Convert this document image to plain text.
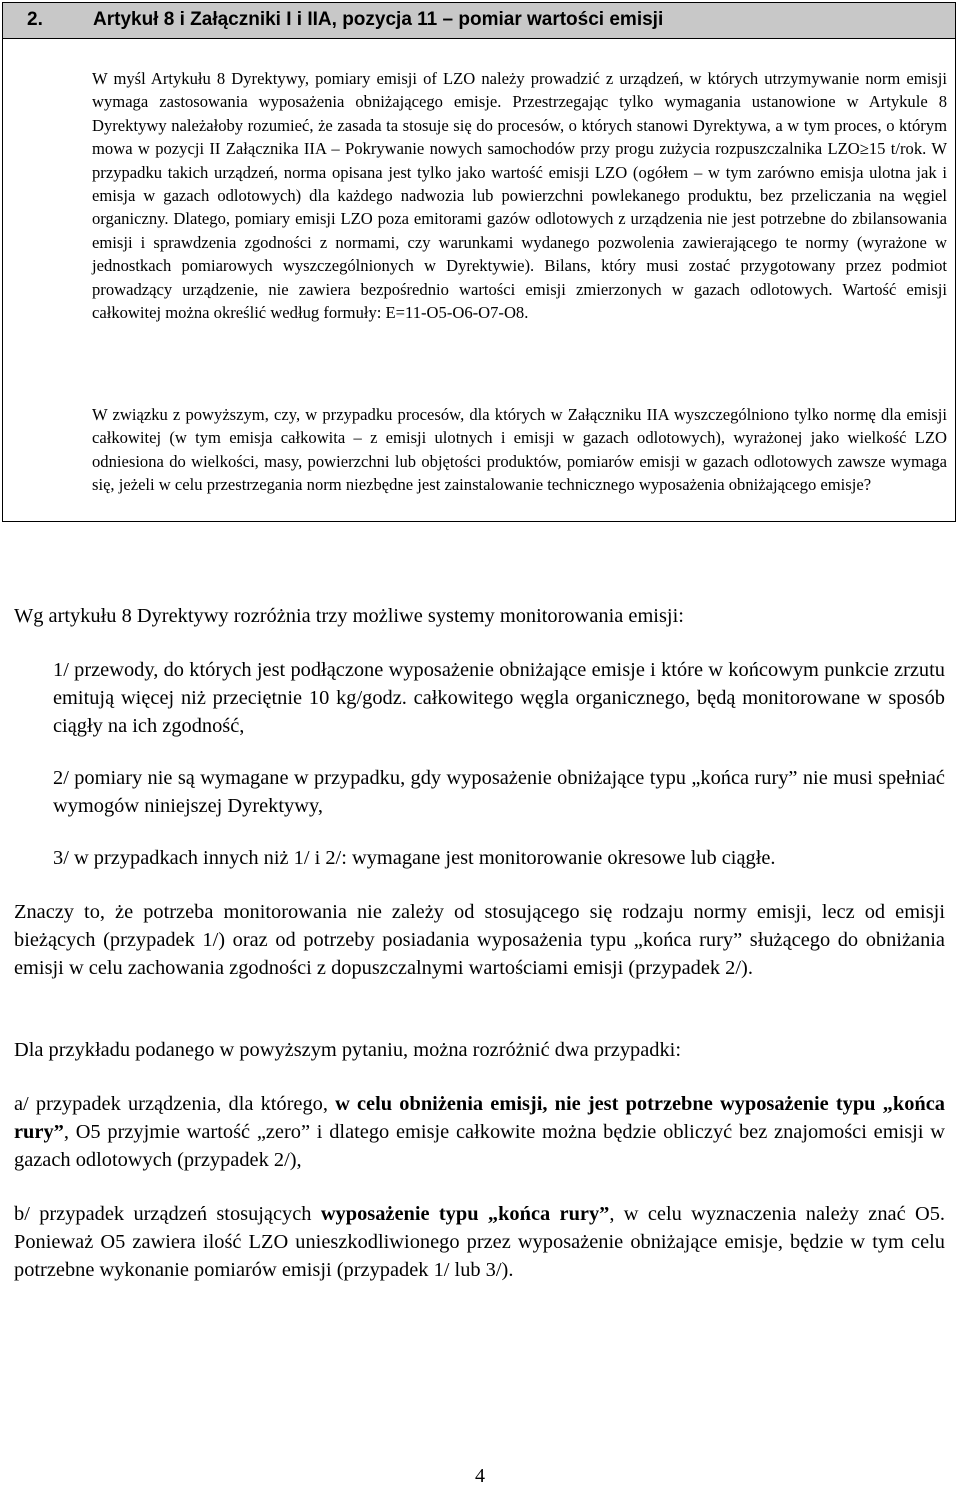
2.	Artykuł 8 i Załączniki I i IIA, pozycja 11 – pomiar wartości emisji

W myśl Artykułu 8 Dyrektywy, pomiary emisji of LZO należy prowadzić z urządzeń, w których utrzymywanie norm emisji wymaga zastosowania wyposażenia obniżającego emisje. Przestrzegając tylko wymagania ustanowione w Artykule 8 Dyrektywy należałoby rozumieć, że zasada ta stosuje się do procesów, o których stanowi Dyrektywa, a w tym proces, o którym mowa w pozycji II Załącznika IIA – Pokrywanie nowych samochodów przy progu zużycia rozpuszczalnika LZO≥15 t/rok. W przypadku takich urządzeń, norma opisana jest tylko jako wartość emisji LZO (ogółem – w tym zarówno emisja ulotna jak i emisja w gazach odlotowych) dla każdego nadwozia lub powierzchni powlekanego produktu, bez przeliczania na węgiel organiczny. Dlatego, pomiary emisji LZO poza emitorami gazów odlotowych z urządzenia nie jest potrzebne do zbilansowania emisji i sprawdzenia zgodności z normami, czy warunkami wydanego pozwolenia zawierającego te normy (wyrażone w jednostkach pomiarowych wyszczególnionych w Dyrektywie). Bilans, który musi zostać przygotowany przez podmiot prowadzący urządzenie, nie zawiera bezpośrednio wartości emisji zmierzonych w gazach odlotowych. Wartość emisji całkowitej można określić według formuły: E=11-O5-O6-O7-O8.

W związku z powyższym, czy, w przypadku procesów, dla których w Załączniku IIA wyszczególniono tylko normę dla emisji całkowitej (w tym emisja całkowita – z emisji ulotnych i emisji w gazach odlotowych), wyrażonej jako wielkość LZO odniesiona do wielkości, masy, powierzchni lub objętości produktów, pomiarów emisji w gazach odlotowych zawsze wymaga się, jeżeli w celu przestrzegania norm niezbędne jest zainstalowanie technicznego wyposażenia obniżającego emisje?

Wg artykułu 8 Dyrektywy rozróżnia trzy możliwe systemy monitorowania emisji:

1/ przewody, do których jest podłączone wyposażenie obniżające emisje i które w końcowym punkcie zrzutu emitują więcej niż przeciętnie 10 kg/godz. całkowitego węgla organicznego, będą monitorowane w sposób ciągły na ich zgodność,

2/ pomiary nie są wymagane w przypadku, gdy wyposażenie obniżające typu „końca rury” nie musi spełniać wymogów niniejszej Dyrektywy,

3/ w przypadkach innych niż 1/ i 2/: wymagane jest monitorowanie okresowe lub ciągłe.

Znaczy to, że potrzeba monitorowania nie zależy od stosującego się rodzaju normy emisji, lecz od emisji bieżących (przypadek 1/) oraz od potrzeby posiadania wyposażenia typu „końca rury” służącego do obniżania emisji w celu zachowania zgodności z dopuszczalnymi wartościami emisji (przypadek 2/).

Dla przykładu podanego w powyższym pytaniu, można rozróżnić dwa przypadki:

a/ przypadek urządzenia, dla którego, w celu obniżenia emisji, nie jest potrzebne wyposażenie typu „końca rury”, O5 przyjmie wartość „zero” i dlatego emisje całkowite można będzie obliczyć bez znajomości emisji w gazach odlotowych (przypadek 2/),

b/ przypadek urządzeń stosujących wyposażenie typu „końca rury”, w celu wyznaczenia należy znać O5. Ponieważ O5 zawiera ilość LZO unieszkodliwionego przez wyposażenie obniżające emisje, będzie w tym celu potrzebne wykonanie pomiarów emisji (przypadek 1/ lub 3/).

4
